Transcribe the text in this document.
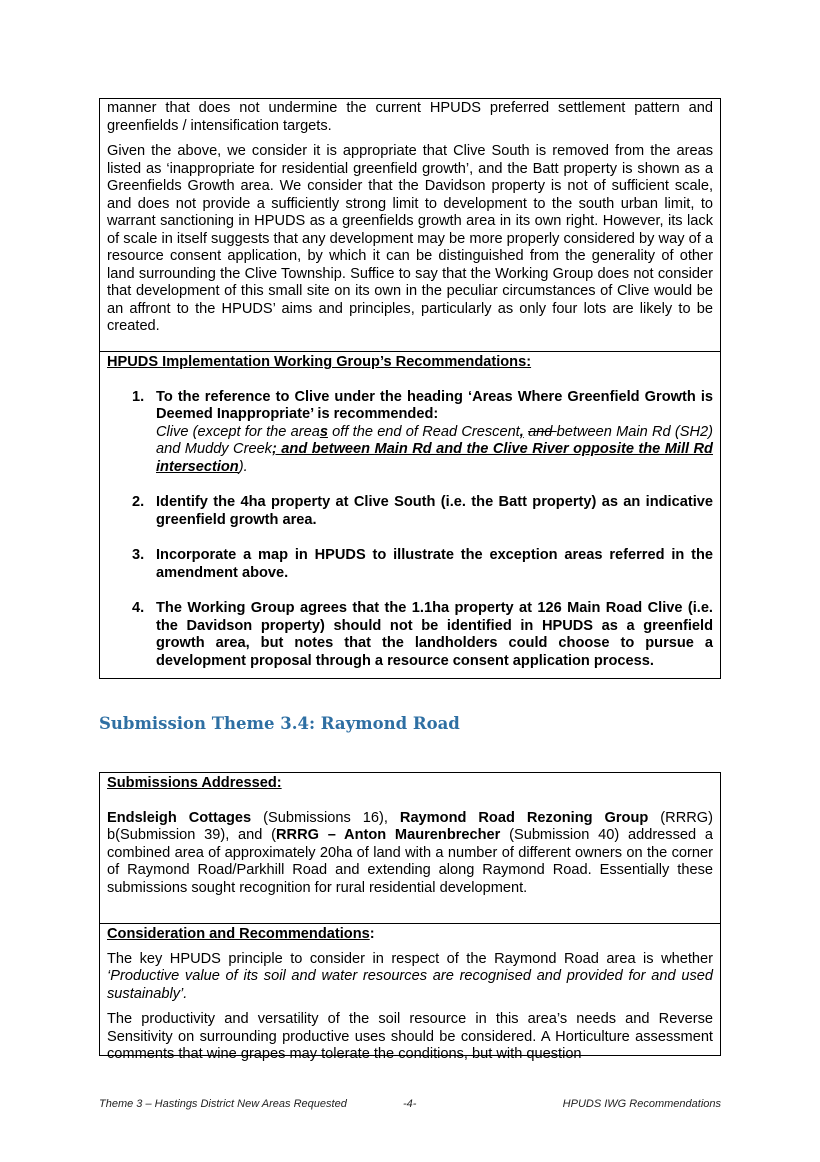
manner that does not undermine the current HPUDS preferred settlement pattern and greenfields / intensification targets.

Given the above, we consider it is appropriate that Clive South is removed from the areas listed as ‘inappropriate for residential greenfield growth’, and the Batt property is shown as a Greenfields Growth area. We consider that the Davidson property is not of sufficient scale, and does not provide a sufficiently strong limit to development to the south urban limit, to warrant sanctioning in HPUDS as a greenfields growth area in its own right. However, its lack of scale in itself suggests that any development may be more properly considered by way of a resource consent application, by which it can be distinguished from the generality of other land surrounding the Clive Township. Suffice to say that the Working Group does not consider that development of this small site on its own in the peculiar circumstances of Clive would be an affront to the HPUDS’ aims and principles, particularly as only four lots are likely to be created.

HPUDS Implementation Working Group’s Recommendations:
1. To the reference to Clive under the heading ‘Areas Where Greenfield Growth is Deemed Inappropriate’ is recommended:
Clive (except for the areas off the end of Read Crescent, and between Main Rd (SH2) and Muddy Creek; and between Main Rd and the Clive River opposite the Mill Rd intersection).
2. Identify the 4ha property at Clive South (i.e. the Batt property) as an indicative greenfield growth area.
3. Incorporate a map in HPUDS to illustrate the exception areas referred in the amendment above.
4. The Working Group agrees that the 1.1ha property at 126 Main Road Clive (i.e. the Davidson property) should not be identified in HPUDS as a greenfield growth area, but notes that the landholders could choose to pursue a development proposal through a resource consent application process.
Submission Theme 3.4: Raymond Road
Submissions Addressed:

Endsleigh Cottages (Submissions 16), Raymond Road Rezoning Group (RRRG) b(Submission 39), and (RRRG – Anton Maurenbrecher (Submission 40) addressed a combined area of approximately 20ha of land with a number of different owners on the corner of Raymond Road/Parkhill Road and extending along Raymond Road. Essentially these submissions sought recognition for rural residential development.

Consideration and Recommendations:

The key HPUDS principle to consider in respect of the Raymond Road area is whether ‘Productive value of its soil and water resources are recognised and provided for and used sustainably’.

The productivity and versatility of the soil resource in this area’s needs and Reverse Sensitivity on surrounding productive uses should be considered. A Horticulture assessment comments that wine grapes may tolerate the conditions, but with question

Theme 3 – Hastings District New Areas Requested	-4-	HPUDS IWG Recommendations
